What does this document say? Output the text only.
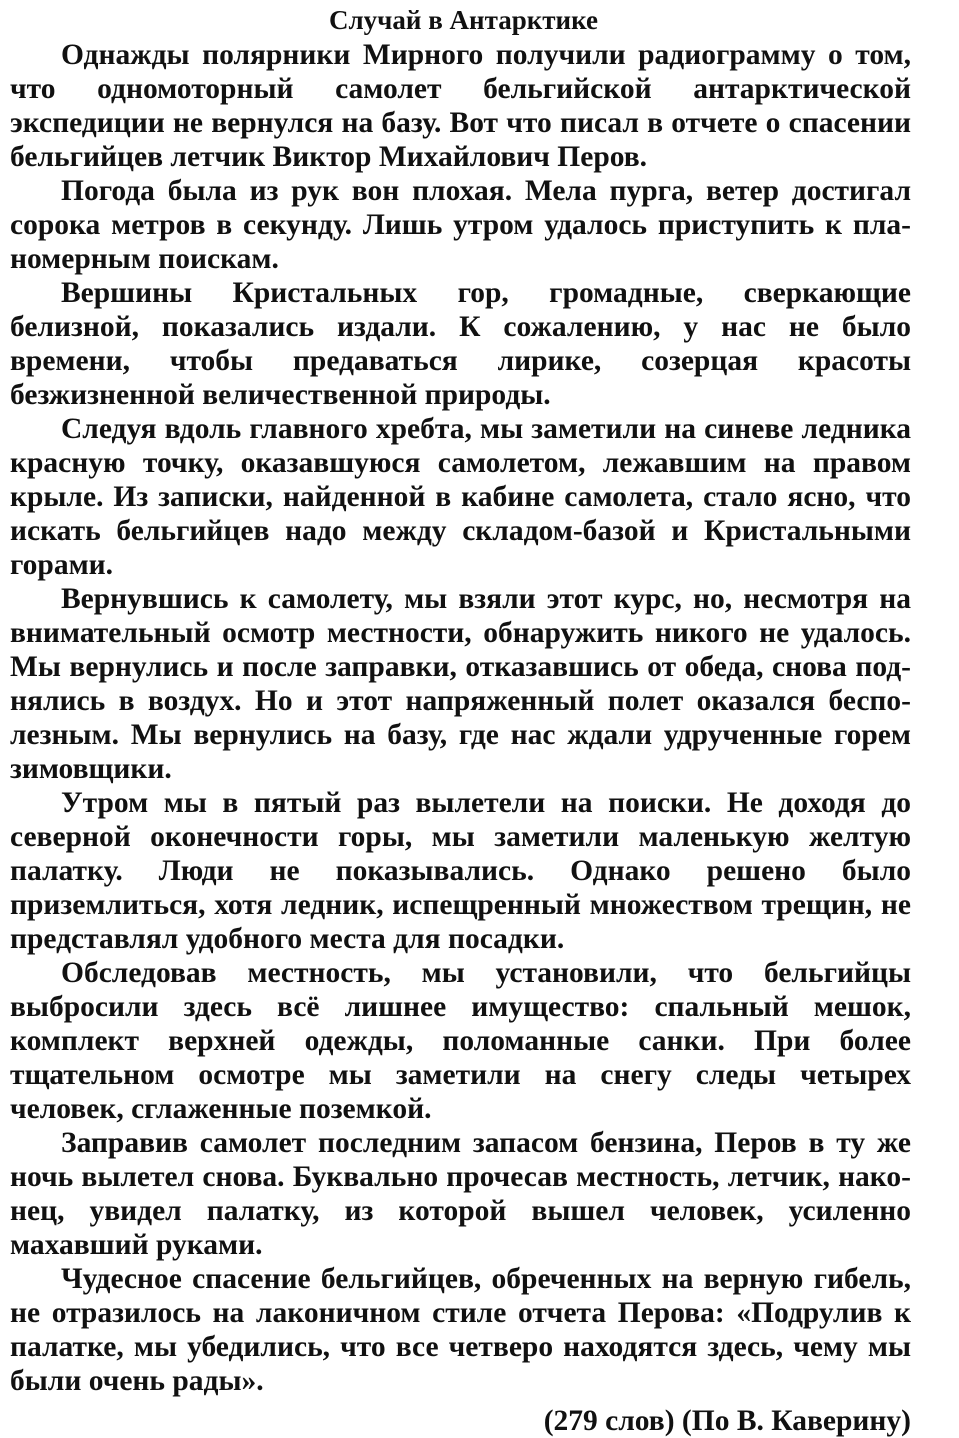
Случай в Антарктике

Однажды полярники Мирного получили радиограмму о том, что одномоторный самолет бельгийской антарктической экспедиции не вернулся на базу. Вот что писал в отчете о спасении бельгийцев летчик Виктор Михайлович Перов.

Погода была из рук вон плохая. Мела пурга, ветер достигал сорока метров в секунду. Лишь утром удалось приступить к планомерным поискам.

Вершины Кристальных гор, громадные, сверкающие белизной, показались издали. К сожалению, у нас не было времени, чтобы предаваться лирике, созерцая красоты безжизненной величественной природы.

Следуя вдоль главного хребта, мы заметили на синеве ледника красную точку, оказавшуюся самолетом, лежавшим на правом крыле. Из записки, найденной в кабине самолета, стало ясно, что искать бельгийцев надо между складом-базой и Кристальными горами.

Вернувшись к самолету, мы взяли этот курс, но, несмотря на внимательный осмотр местности, обнаружить никого не удалось. Мы вернулись и после заправки, отказавшись от обеда, снова поднялись в воздух. Но и этот напряженный полет оказался бесполезным. Мы вернулись на базу, где нас ждали удрученные горем зимовщики.

Утром мы в пятый раз вылетели на поиски. Не доходя до северной оконечности горы, мы заметили маленькую желтую палатку. Люди не показывались. Однако решено было приземлиться, хотя ледник, испещренный множеством трещин, не представлял удобного места для посадки.

Обследовав местность, мы установили, что бельгийцы выбросили здесь всё лишнее имущество: спальный мешок, комплект верхней одежды, поломанные санки. При более тщательном осмотре мы заметили на снегу следы четырех человек, сглаженные поземкой.

Заправив самолет последним запасом бензина, Перов в ту же ночь вылетел снова. Буквально прочесав местность, летчик, наконец, увидел палатку, из которой вышел человек, усиленно махавший руками.

Чудесное спасение бельгийцев, обреченных на верную гибель, не отразилось на лаконичном стиле отчета Перова: «Подрулив к палатке, мы убедились, что все четверо находятся здесь, чему мы были очень рады».

(279 слов) (По В. Каверину)
